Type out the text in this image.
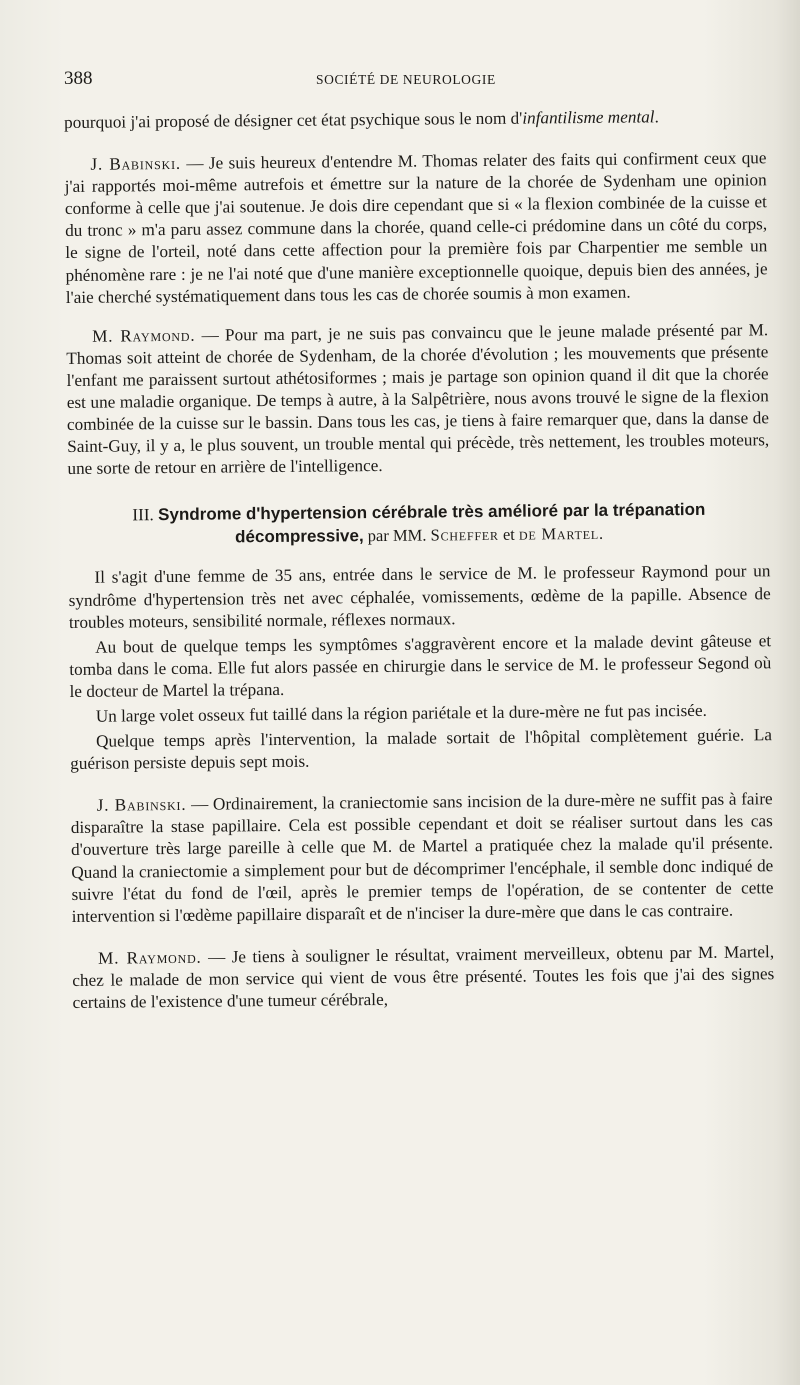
388	SOCIÉTÉ DE NEUROLOGIE

pourquoi j'ai proposé de désigner cet état psychique sous le nom d'infantilisme mental.

J. Babinski. — Je suis heureux d'entendre M. Thomas relater des faits qui confirment ceux que j'ai rapportés moi-même autrefois et émettre sur la nature de la chorée de Sydenham une opinion conforme à celle que j'ai soutenue. Je dois dire cependant que si « la flexion combinée de la cuisse et du tronc » m'a paru assez commune dans la chorée, quand celle-ci prédomine dans un côté du corps, le signe de l'orteil, noté dans cette affection pour la première fois par Charpentier me semble un phénomène rare : je ne l'ai noté que d'une manière exceptionnelle quoique, depuis bien des années, je l'aie cherché systématiquement dans tous les cas de chorée soumis à mon examen.

M. Raymond. — Pour ma part, je ne suis pas convaincu que le jeune malade présenté par M. Thomas soit atteint de chorée de Sydenham, de la chorée d'évolution ; les mouvements que présente l'enfant me paraissent surtout athétosiformes ; mais je partage son opinion quand il dit que la chorée est une maladie organique. De temps à autre, à la Salpêtrière, nous avons trouvé le signe de la flexion combinée de la cuisse sur le bassin. Dans tous les cas, je tiens à faire remarquer que, dans la danse de Saint-Guy, il y a, le plus souvent, un trouble mental qui précède, très nettement, les troubles moteurs, une sorte de retour en arrière de l'intelligence.

III. Syndrome d'hypertension cérébrale très amélioré par la trépanation décompressive, par MM. Scheffer et de Martel.

Il s'agit d'une femme de 35 ans, entrée dans le service de M. le professeur Raymond pour un syndrôme d'hypertension très net avec céphalée, vomissements, œdème de la papille. Absence de troubles moteurs, sensibilité normale, réflexes normaux.

Au bout de quelque temps les symptômes s'aggravèrent encore et la malade devint gâteuse et tomba dans le coma. Elle fut alors passée en chirurgie dans le service de M. le professeur Segond où le docteur de Martel la trépana.

Un large volet osseux fut taillé dans la région pariétale et la dure-mère ne fut pas incisée.

Quelque temps après l'intervention, la malade sortait de l'hôpital complètement guérie. La guérison persiste depuis sept mois.

J. Babinski. — Ordinairement, la craniectomie sans incision de la dure-mère ne suffit pas à faire disparaître la stase papillaire. Cela est possible cependant et doit se réaliser surtout dans les cas d'ouverture très large pareille à celle que M. de Martel a pratiquée chez la malade qu'il présente. Quand la craniectomie a simplement pour but de décomprimer l'encéphale, il semble donc indiqué de suivre l'état du fond de l'œil, après le premier temps de l'opération, de se contenter de cette intervention si l'œdème papillaire disparaît et de n'inciser la dure-mère que dans le cas contraire.

M. Raymond. — Je tiens à souligner le résultat, vraiment merveilleux, obtenu par M. Martel, chez le malade de mon service qui vient de vous être présenté. Toutes les fois que j'ai des signes certains de l'existence d'une tumeur cérébrale,
